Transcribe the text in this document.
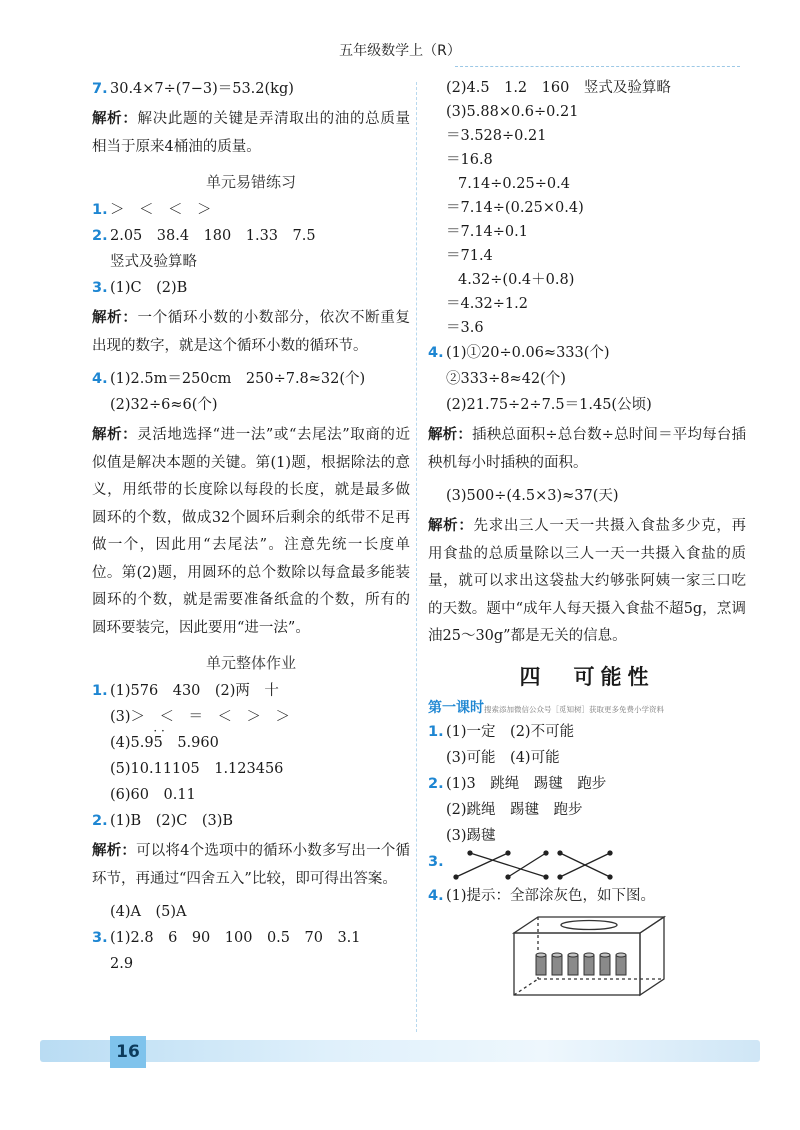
五年级数学上（R）
7. 30.4×7÷(7−3)＝53.2(kg)
解析：解决此题的关键是弄清取出的油的总质量相当于原来4桶油的质量。
单元易错练习
1. ＞　＜　＜　＞
2. 2.05　38.4　180　1.33　7.5
竖式及验算略
3. (1)C　(2)B
解析：一个循环小数的小数部分，依次不断重复出现的数字，就是这个循环小数的循环节。
4. (1)2.5m＝250cm　250÷7.8≈32(个)
(2)32÷6≈6(个)
解析：灵活地选择“进一法”或“去尾法”取商的近似值是解决本题的关键。第(1)题，根据除法的意义，用纸带的长度除以每段的长度，就是最多做圆环的个数，做成32个圆环后剩余的纸带不足再做一个，因此用“去尾法”。注意先统一长度单位。第(2)题，用圆环的总个数除以每盒最多能装圆环的个数，就是需要准备纸盒的个数，所有的圆环要装完，因此要用“进一法”。
单元整体作业
1. (1)576　430　(2)两　十
(3)＞　＜　＝　＜　＞　＞
(4)5.· · 95　5.960
(5)10.11105　1.123456
(6)60　0.11
2. (1)B　(2)C　(3)B
解析：可以将4个选项中的循环小数多写出一个循环节，再通过“四舍五入”比较，即可得出答案。
(4)A　(5)A
3. (1)2.8　6　90　100　0.5　70　3.1
2.9
(2)4.5　1.2　160　竖式及验算略
(3)5.88×0.6÷0.21
＝3.528÷0.21
＝16.8
7.14÷0.25÷0.4
＝7.14÷(0.25×0.4)
＝7.14÷0.1
＝71.4
4.32÷(0.4＋0.8)
＝4.32÷1.2
＝3.6
4. (1)①20÷0.06≈333(个)
②333÷8≈42(个)
(2)21.75÷2÷7.5＝1.45(公顷)
解析：插秧总面积÷总台数÷总时间＝平均每台插秧机每小时插秧的面积。
(3)500÷(4.5×3)≈37(天)
解析：先求出三人一天一共摄入食盐多少克，再用食盐的总质量除以三人一天一共摄入食盐的质量，就可以求出这袋盐大约够张阿姨一家三口吃的天数。题中“成年人每天摄入食盐不超5g，烹调油25～30g”都是无关的信息。
四　可能性
第一课时搜索添加微信公众号［觅知树］获取更多免费小学资料
1. (1)一定　(2)不可能
(3)可能　(4)可能
2. (1)3　跳绳　踢毽　跑步
(2)跳绳　踢毽　跑步
(3)踢毽
3.
4. (1)提示：全部涂灰色，如下图。
16
